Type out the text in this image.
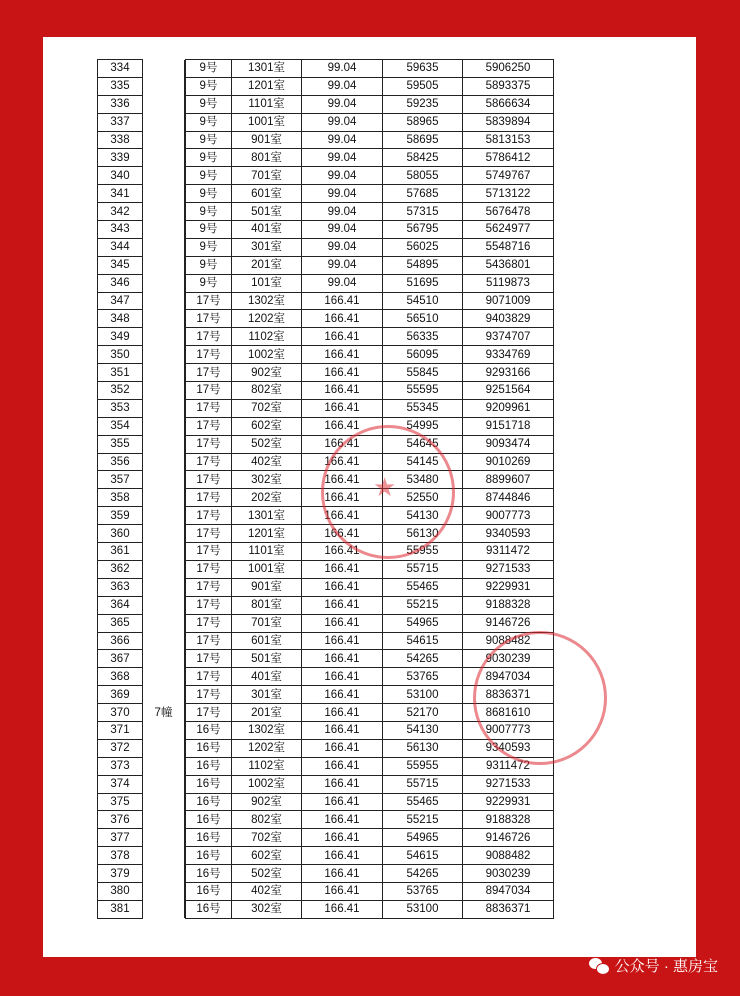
334			9号	1301室	99.04	59635	5906250
335			9号	1201室	99.04	59505	5893375
336			9号	1101室	99.04	59235	5866634
337			9号	1001室	99.04	58965	5839894
338			9号	901室	99.04	58695	5813153
339			9号	801室	99.04	58425	5786412
340			9号	701室	99.04	58055	5749767
341			9号	601室	99.04	57685	5713122
342			9号	501室	99.04	57315	5676478
343			9号	401室	99.04	56795	5624977
344			9号	301室	99.04	56025	5548716
345			9号	201室	99.04	54895	5436801
346			9号	101室	99.04	51695	5119873
347			17号	1302室	166.41	54510	9071009
348			17号	1202室	166.41	56510	9403829
349			17号	1102室	166.41	56335	9374707
350			17号	1002室	166.41	56095	9334769
351			17号	902室	166.41	55845	9293166
352			17号	802室	166.41	55595	9251564
353			17号	702室	166.41	55345	9209961
354			17号	602室	166.41	54995	9151718
355			17号	502室	166.41	54645	9093474
356			17号	402室	166.41	54145	9010269
357			17号	302室	166.41	53480	8899607
358			17号	202室	166.41	52550	8744846
359			17号	1301室	166.41	54130	9007773
360			17号	1201室	166.41	56130	9340593
361			17号	1101室	166.41	55955	9311472
362			17号	1001室	166.41	55715	9271533
363			17号	901室	166.41	55465	9229931
364			17号	801室	166.41	55215	9188328
365			17号	701室	166.41	54965	9146726
366			17号	601室	166.41	54615	9088482
367			17号	501室	166.41	54265	9030239
368			17号	401室	166.41	53765	8947034
369			17号	301室	166.41	53100	8836371
370	7幢		17号	201室	166.41	52170	8681610
371			16号	1302室	166.41	54130	9007773
372			16号	1202室	166.41	56130	9340593
373			16号	1102室	166.41	55955	9311472
374			16号	1002室	166.41	55715	9271533
375			16号	902室	166.41	55465	9229931
376			16号	802室	166.41	55215	9188328
377			16号	702室	166.41	54965	9146726
378			16号	602室	166.41	54615	9088482
379			16号	502室	166.41	54265	9030239
380			16号	402室	166.41	53765	8947034
381			16号	302室	166.41	53100	8836371
★
公众号 · 惠房宝
